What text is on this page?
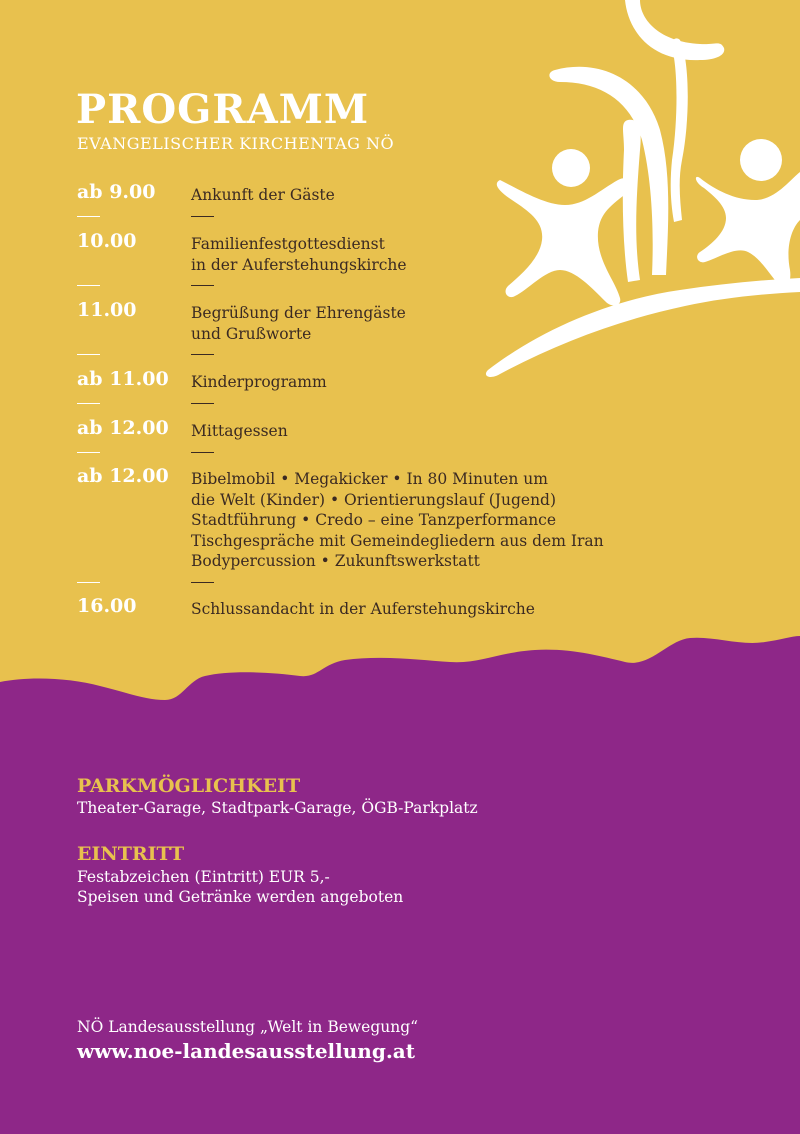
PROGRAMM
EVANGELISCHER KIRCHENTAG NÖ
ab 9.00 Ankunft der Gäste
10.00	Familienfestgottesdienst
in der Auferstehungskirche
11.00	Begrüßung der Ehrengäste
und Grußworte
ab 11.00 Kinderprogramm
ab 12.00 Mittagessen
ab 12.00 Bibelmobil • Megakicker • In 80 Minuten um
die Welt (Kinder) • Orientierungslauf (Jugend)
Stadtführung • Credo – eine Tanzperformance
Tischgespräche mit Gemeindegliedern aus dem Iran
Bodypercussion • Zukunftswerkstatt
16.00	Schlussandacht in der Auferstehungskirche
PARKMÖGLICHKEIT
Theater-Garage, Stadtpark-Garage, ÖGB-Parkplatz
EINTRITT
Festabzeichen (Eintritt) EUR 5,-
Speisen und Getränke werden angeboten
NÖ Landesausstellung „Welt in Bewegung“
www.noe-landesausstellung.at
